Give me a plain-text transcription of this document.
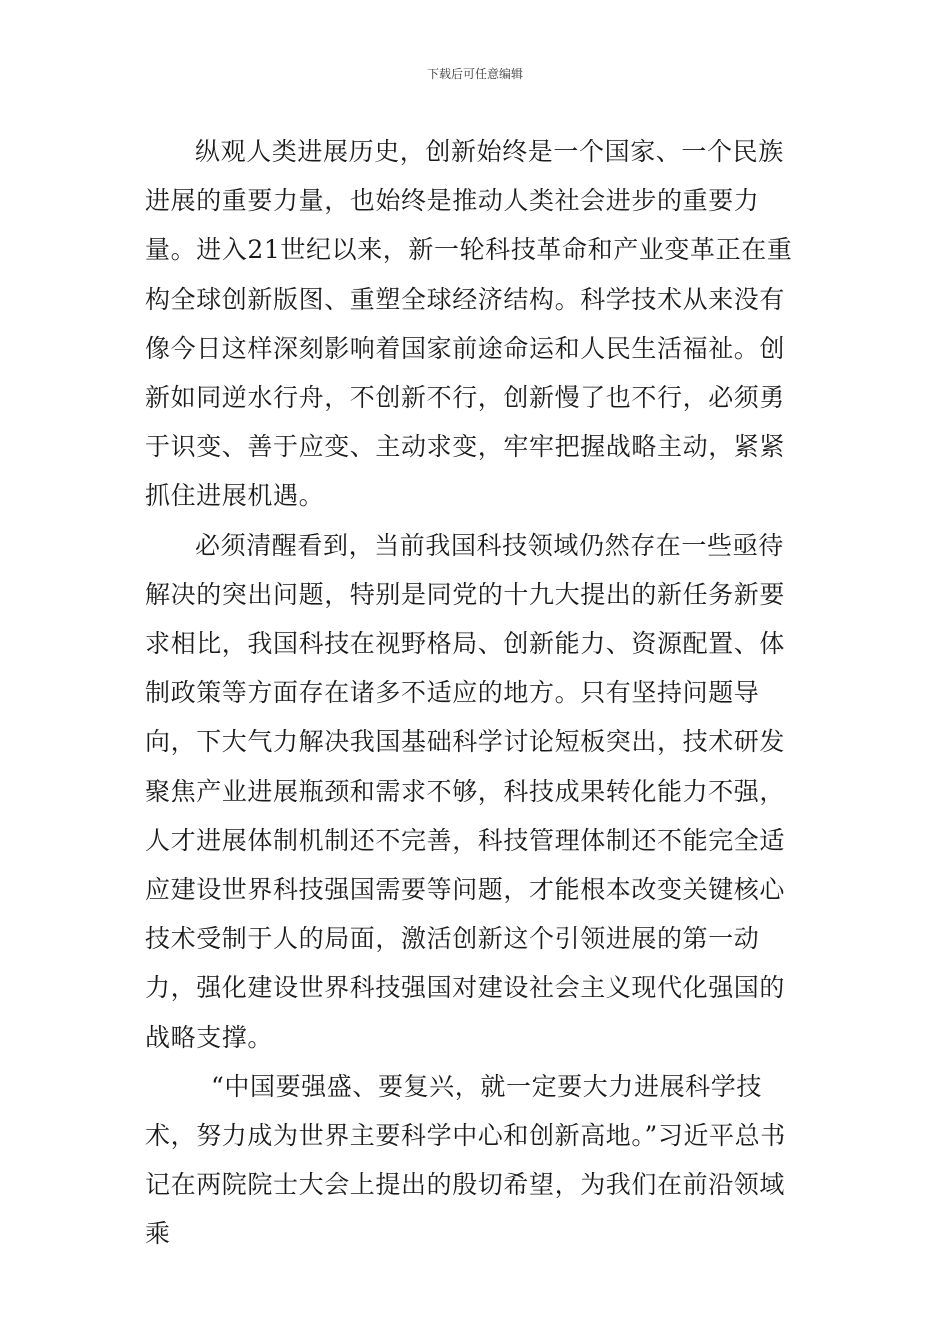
下载后可任意编辑

纵观人类进展历史，创新始终是一个国家、一个民族进展的重要力量，也始终是推动人类社会进步的重要力量。进入21世纪以来，新一轮科技革命和产业变革正在重构全球创新版图、重塑全球经济结构。科学技术从来没有像今日这样深刻影响着国家前途命运和人民生活福祉。创新如同逆水行舟，不创新不行，创新慢了也不行，必须勇于识变、善于应变、主动求变，牢牢把握战略主动，紧紧抓住进展机遇。

必须清醒看到，当前我国科技领域仍然存在一些亟待解决的突出问题，特别是同党的十九大提出的新任务新要求相比，我国科技在视野格局、创新能力、资源配置、体制政策等方面存在诸多不适应的地方。只有坚持问题导向，下大气力解决我国基础科学讨论短板突出，技术研发聚焦产业进展瓶颈和需求不够，科技成果转化能力不强，人才进展体制机制还不完善，科技管理体制还不能完全适应建设世界科技强国需要等问题，才能根本改变关键核心技术受制于人的局面，激活创新这个引领进展的第一动力，强化建设世界科技强国对建设社会主义现代化强国的战略支撑。

“中国要强盛、要复兴，就一定要大力进展科学技术，努力成为世界主要科学中心和创新高地。”习近平总书记在两院院士大会上提出的殷切希望，为我们在前沿领域乘
